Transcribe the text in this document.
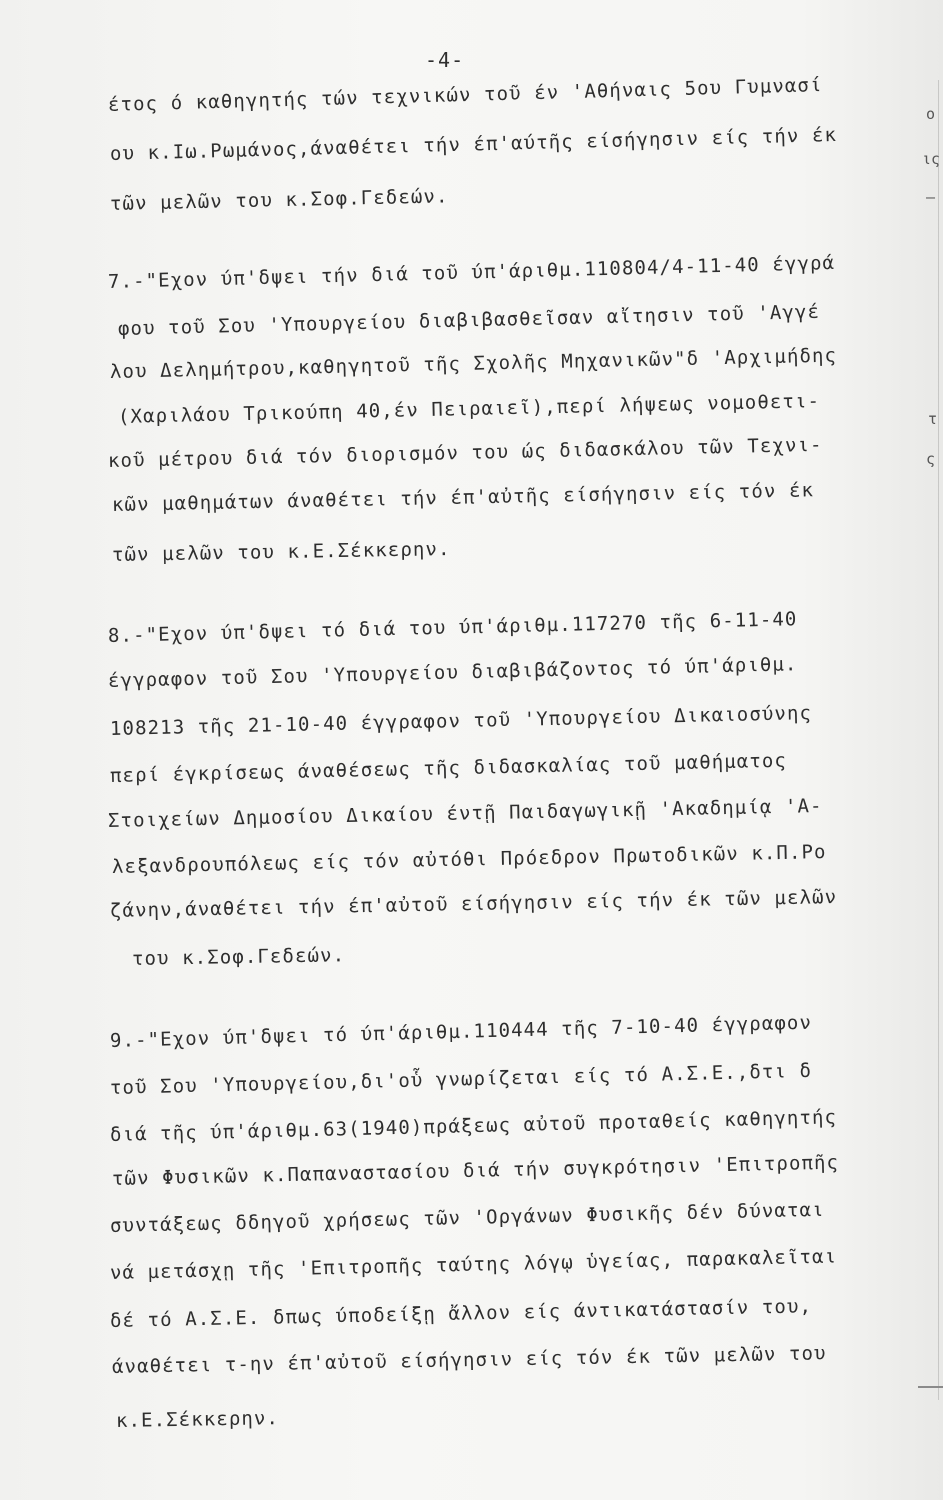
-4-
έτος ό καθηγητής τών τεχνικών τοῦ έν 'Αθήναις 5ου Γυμνασί
ου κ.Ιω.Ρωμάνος,άναθέτει τήν έπ'αύτῆς είσήγησιν είς τήν έκ
τῶν μελῶν του κ.Σοφ.Γεδεών.
7.-"Εχον ύπ'δψει τήν διά τοῦ ύπ'άριθμ.110804/4-11-40 έγγρά
φου τοῦ Σου 'Υπουργείου διαβιβασθεῖσαν αἴτησιν τοῦ 'Αγγέ
λου Δελημήτρου,καθηγητοῦ τῆς Σχολῆς Μηχανικῶν"δ 'Αρχιμήδης
(Χαριλάου Τρικούπη 40,έν Πειραιεῖ),περί λήψεως νομοθετι-
κοῦ μέτρου διά τόν διορισμόν του ώς διδασκάλου τῶν Τεχνι-
κῶν μαθημάτων άναθέτει τήν έπ'αὐτῆς είσήγησιν είς τόν έκ
τῶν μελῶν του κ.Ε.Σέκκερην.
8.-"Εχον ύπ'δψει τό διά του ύπ'άριθμ.117270 τῆς 6-11-40
έγγραφον τοῦ Σου 'Υπουργείου διαβιβάζοντος τό ύπ'άριθμ.
108213 τῆς 21-10-40 έγγραφον τοῦ 'Υπουργείου Δικαιοσύνης
περί έγκρίσεως άναθέσεως τῆς διδασκαλίας τοῦ μαθήματος
Στοιχείων Δημοσίου Δικαίου έντῇ Παιδαγωγικῇ 'Ακαδημίᾳ 'Α-
λεξανδρουπόλεως είς τόν αὐτόθι Πρόεδρον Πρωτοδικῶν κ.Π.Ρο
ζάνην,άναθέτει τήν έπ'αὐτοῦ είσήγησιν είς τήν έκ τῶν μελῶν
του κ.Σοφ.Γεδεών.
9.-"Εχον ύπ'δψει τό ύπ'άριθμ.110444 τῆς 7-10-40 έγγραφον
τοῦ Σου 'Υπουργείου,δι'οὗ γνωρίζεται είς τό Α.Σ.Ε.,δτι δ
διά τῆς ύπ'άριθμ.63(1940)πράξεως αὐτοῦ προταθείς καθηγητής
τῶν Φυσικῶν κ.Παπαναστασίου διά τήν συγκρότησιν 'Επιτροπῆς
συντάξεως δδηγοῦ χρήσεως τῶν 'Οργάνων Φυσικῆς δέν δύναται
νά μετάσχῃ τῆς 'Επιτροπῆς ταύτης λόγῳ ὑγείας, παρακαλεῖται
δέ τό Α.Σ.Ε. δπως ύποδείξῃ ἄλλον είς άντικατάστασίν του,
άναθέτει τ-ην έπ'αὐτοῦ είσήγησιν είς τόν έκ τῶν μελῶν του
κ.Ε.Σέκκερην.
ο
ις
–
τ
ς
